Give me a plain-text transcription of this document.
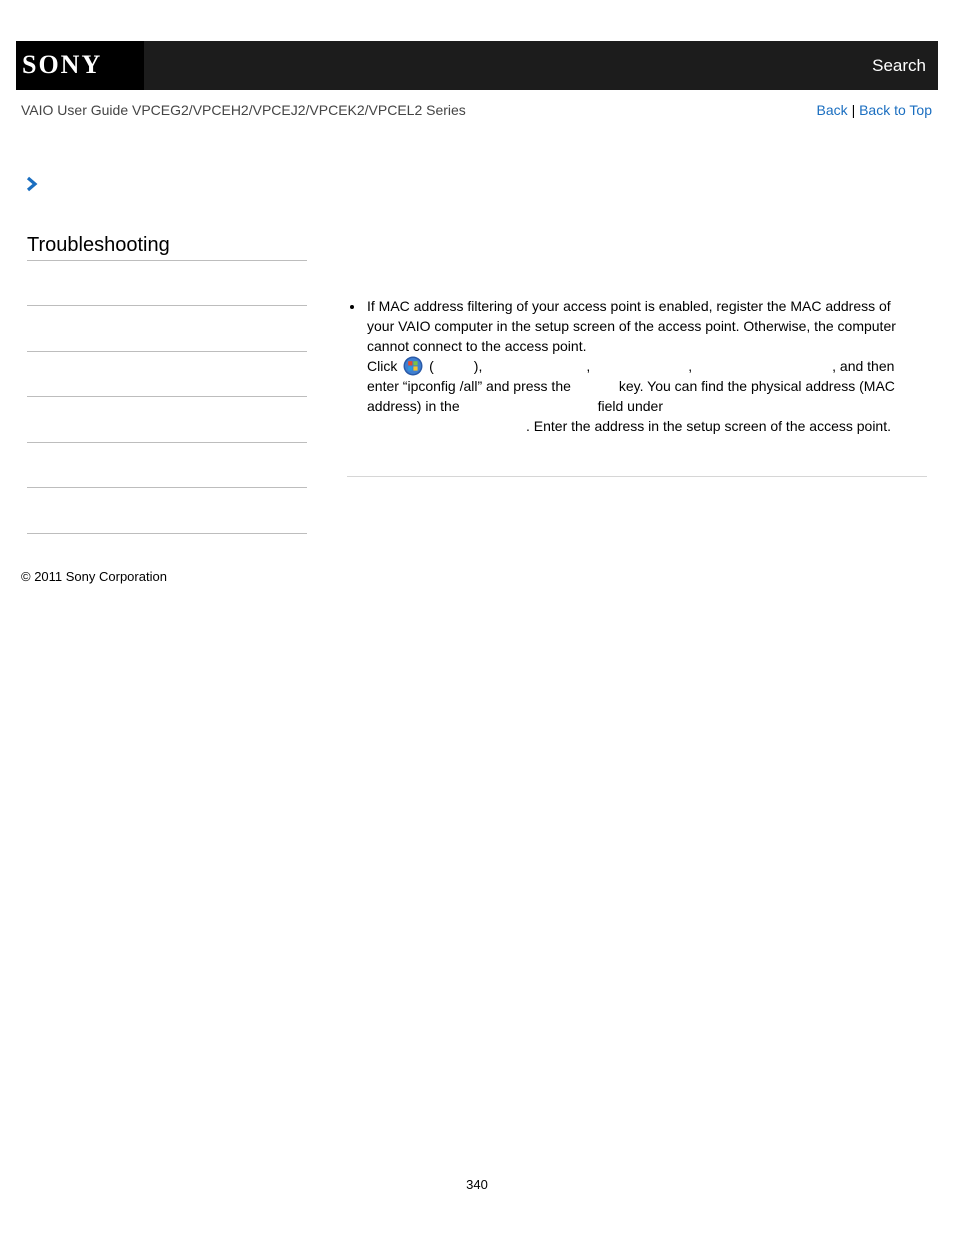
SONY	Search
VAIO User Guide VPCEG2/VPCEH2/VPCEJ2/VPCEK2/VPCEL2 Series	Back | Back to Top
Troubleshooting
If MAC address filtering of your access point is enabled, register the MAC address of your VAIO computer in the setup screen of the access point. Otherwise, the computer cannot connect to the access point.
Click (	),	,	,	, and then
enter “ipconfig /all” and press the	key. You can find the physical address (MAC
address) in the	field under
. Enter the address in the setup screen of the access point.
© 2011 Sony Corporation
340
